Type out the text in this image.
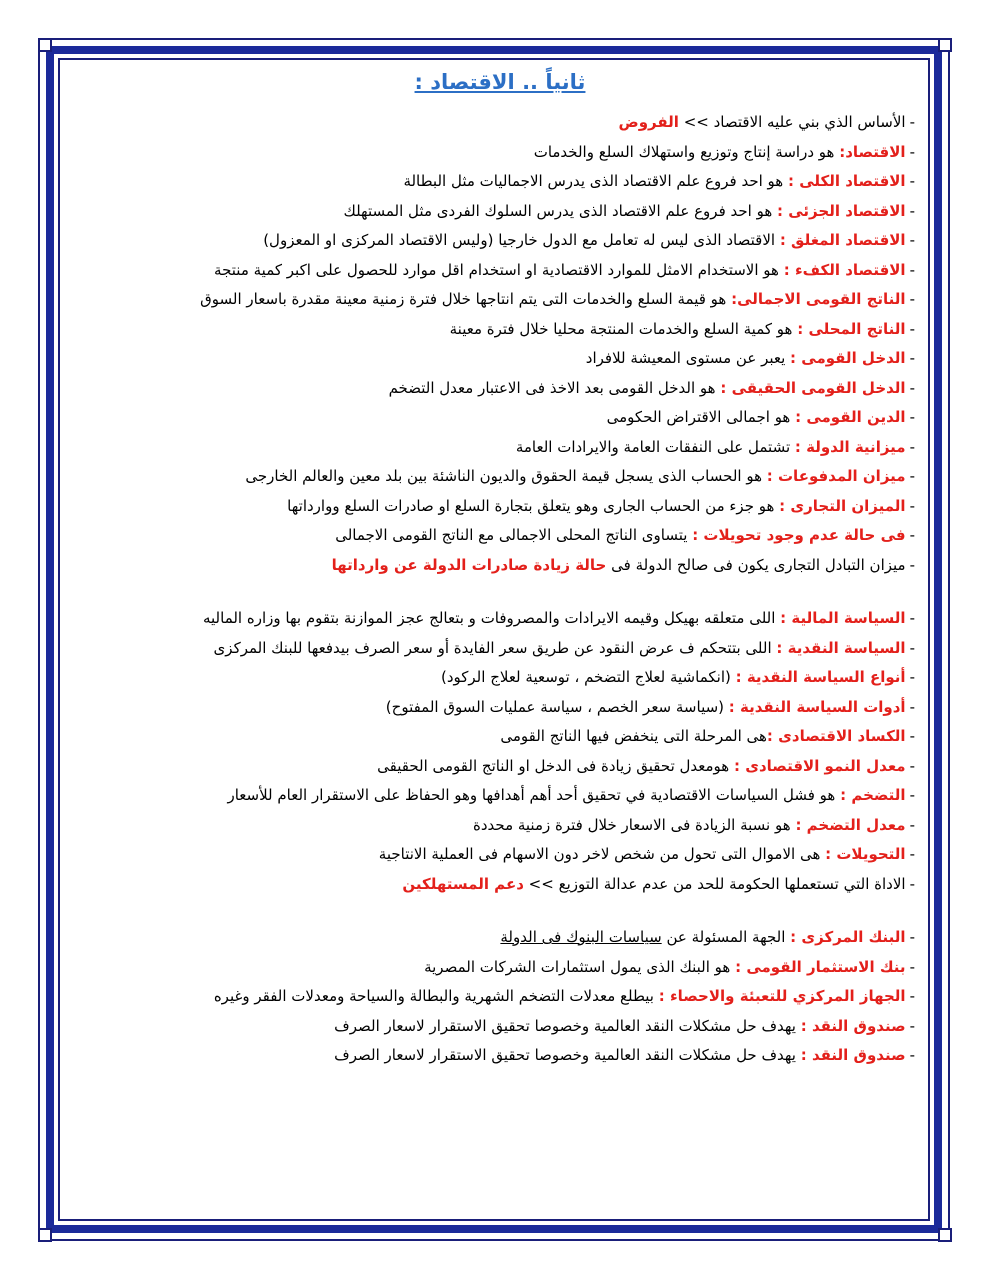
ثانياً .. الاقتصاد :
-الأساس الذي بني عليه الاقتصاد >> الفروض
-الاقتصاد: هو دراسة إنتاج وتوزيع واستهلاك السلع والخدمات
-الاقتصاد الكلى : هو احد فروع علم الاقتصاد الذى يدرس الاجماليات مثل البطالة
-الاقتصاد الجزئى : هو احد فروع علم الاقتصاد الذى يدرس السلوك الفردى مثل المستهلك
-الاقتصاد المغلق : الاقتصاد الذى ليس له تعامل مع الدول خارجيا (وليس الاقتصاد المركزى او المعزول)
-الاقتصاد الكفء : هو الاستخدام الامثل للموارد الاقتصادية او استخدام اقل موارد للحصول على اكبر كمية منتجة
-الناتج القومى الاجمالى: هو قيمة السلع والخدمات التى يتم انتاجها خلال فترة زمنية معينة مقدرة باسعار السوق
-الناتج المحلى : هو كمية السلع والخدمات المنتجة محليا خلال فترة معينة
-الدخل القومى : يعبر عن مستوى المعيشة للافراد
-الدخل القومى الحقيقى : هو الدخل القومى بعد الاخذ فى الاعتبار معدل التضخم
-الدين القومى : هو اجمالى الاقتراض الحكومى
-ميزانية الدولة : تشتمل على النفقات العامة والايرادات العامة
-ميزان المدفوعات : هو الحساب الذى يسجل قيمة الحقوق والديون الناشئة بين بلد معين والعالم الخارجى
-الميزان التجارى : هو جزء من الحساب الجارى وهو يتعلق بتجارة السلع او صادرات السلع ووارداتها
-فى حالة عدم وجود تحويلات : يتساوى الناتج المحلى الاجمالى مع الناتج القومى الاجمالى
-ميزان التبادل التجارى يكون فى صالح الدولة فى حالة زيادة صادرات الدولة عن وارداتها
-السياسة المالية : اللى متعلقه بهيكل وقيمه الايرادات والمصروفات و بتعالج عجز الموازنة بتقوم بها وزاره الماليه
-السياسة النقدية : اللى بتتحكم ف عرض النقود عن طريق سعر الفايدة أو سعر الصرف بيدفعها للبنك المركزى
-أنواع السياسة النقدية : (انكماشية لعلاج التضخم ، توسعية لعلاج الركود)
-أدوات السياسة النقدية : (سياسة سعر الخصم ، سياسة عمليات السوق المفتوح)
-الكساد الاقتصادى :هى المرحلة التى ينخفض فيها الناتج القومى
-معدل النمو الاقتصادى : هومعدل تحقيق زيادة فى الدخل او الناتج القومى الحقيقى
-التضخم : هو فشل السياسات الاقتصادية في تحقيق أحد أهم أهدافها وهو الحفاظ على الاستقرار العام للأسعار
-معدل التضخم : هو نسبة الزيادة فى الاسعار خلال فترة زمنية محددة
-التحويلات : هى الاموال التى تحول من شخص لاخر دون الاسهام فى العملية الانتاجية
-الاداة التي تستعملها الحكومة للحد من عدم عدالة التوزيع >> دعم المستهلكين
-البنك المركزى : الجهة المسئولة عن سياسات البنوك فى الدولة
-بنك الاستثمار القومى : هو البنك الذى يمول استثمارات الشركات المصرية
-الجهاز المركزي للتعبئة والاحصاء : بيطلع معدلات التضخم الشهرية والبطالة والسياحة ومعدلات الفقر وغيره
-صندوق النقد : يهدف حل مشكلات النقد العالمية وخصوصا تحقيق الاستقرار لاسعار الصرف
-صندوق النقد : يهدف حل مشكلات النقد العالمية وخصوصا تحقيق الاستقرار لاسعار الصرف
